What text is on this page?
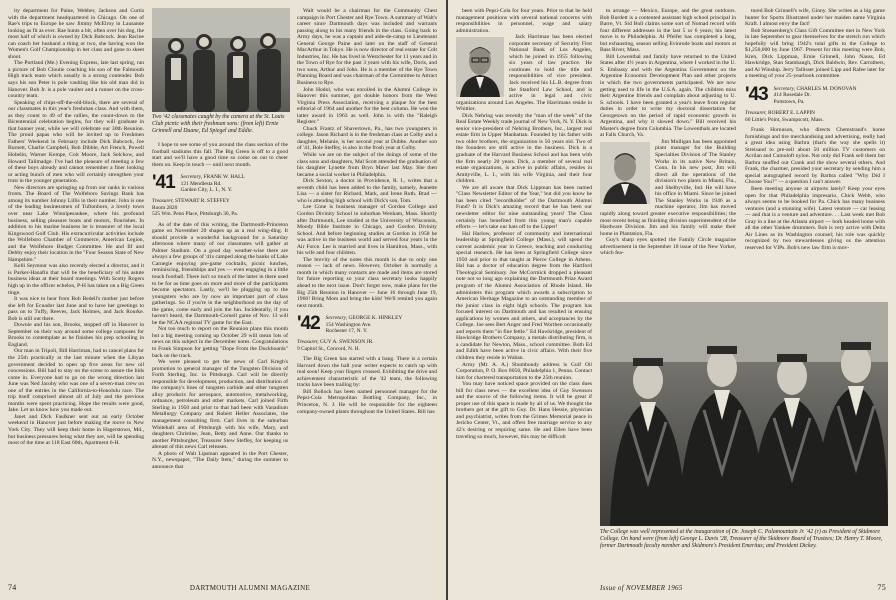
ity department for Paine, Webber, Jackson and Curtis with the department headquartered in Chicago. On one of Rae's trips to Europe he saw Jimmy McElroy in Lausanne looking as fit as ever. Rae hunts a bit, often over his dog, the most half of which is owned by Dick Babcock. Jean Racine can coach her husband a thing or two, she having won the Women's Golf Championship in her class and gone to skeet shoot.

The Portland (Me.) Evening Express, late last spring, ran a picture of Bob Cloutie coaching his son of the Falmouth High track team which usually is a strong contender. Bob says his son Peter is pole vaulting like his old man did in Hanover. Bob Jr. is a pole vaulter and a runner on the cross-country team.

Speaking of chips-off-the-old-block, there are several of our classmates in this year's freshman class. And with them, as they count to 49 of the rallies, the count-down to the Bicentennial celebration begins, for they will graduate in that banner year, while we will celebrate our 30th Reunion. The proud papas who will be invited up to Freshmen Fathers' Weekend in February include Dick Babcock, Joe Burnett, Charlie Campbell, Bob Dibble, Art French, Powell Hobelin, Warner Kempe, Coit Moore, Jack Selchow, and Howard Talimadge. I've had the pleasure of meeting a few of these boys already and cannot remember a finer looking or acting bunch of men who will certainly strengthen your trust in the younger generation.

New directors are springing up from our ranks in various fronts. The Board of The Wolfeboro Savings Bank has among its number Johnny Lillis in their number. John is one of the leading businessmen of Tuftonboro, a lovely town over near Lake Winnipesaukee, where his profound business, selling pleasure boats and motors, flourishes. In addition to his marine business he is treasurer of the local Kingswood Golf Club. His extracurricular activities include the Wolfeboro Chamber of Commerce, American Legion, and the Wolfeboro Budget Committee. He and Ilf and Debby enjoy their location in the "Four Season State of New Hampshire."

Kelli Seymour was also recently elected a director, and it is Parker-Hanafin that will be the beneficiary of his astute business ideas at their board meetings. With Scotty Rogers high up in the officer echelon, P-H has taken on a Big Green tinge.

It was nice to hear from Bob Bedell's mother just before she left for Ecuador last June and to have her greetings to pass on to Tuffy, Reeves, Jack Holmes, and Jack Rourke. Bob is still out there.

Downie and his son, Brooks, stopped off in Hanover in September on their way around some college campuses for Brooks to contemplate as he finishes his prep schooling in England.

Our man in Tripoli, Bill Harriman, had to cancel plans for the 25th practically at the last minute when the Libyan government decided to open up five areas for new oil concessions. Bill had to stay on the scene to assure the bids come in. Everyone had to go on the wrong direction last June was Ned Jacoby who was one of a seven-man crew on one of the entries in the California-to-Honolulu race. The trip itself comprised almost all of July and the previous months were spent practicing. Hope the results were good, Jake. Let us know how you made out.

Janet and Dick Faulkner sent out an early October weekend in Hanover just before making the move to New York City. They will keep their home in Hagerstown, Md., but business pressures being what they are, will be spending most of the time at 118 East 60th, Apartment 6-H.

Two '42 classmates caught by the camera at the St. Louis Club picnic with their freshman sons: (from left) Ernie Grinnell and Duane, Ed Spiegel and Eddie.

I hope to see some of you around the class section of the football stadiums this fall. The Big Green is off to a good start and we'll have a good time so come on out to cheer them on. Keep in touch — until next month.

'41 Secretary, FRANK W. HALL
121 Mendlesta Rd.
Garden City, L. I., N. Y.
Treasurer, STEWART R. STEFFEY
Room 2820
525 Wm. Penn Place, Pittsburgh 30, Pa.

As of the date of this writing, the Dartmouth-Princeton game on November 20 shapes up as a real wing-ding. It should provide a wonderful background for a Saturday afternoon where many of our classmates will gather at Palmer Stadium. On a good day weather-wise there are always a few groups of '41s camped along the banks of Lake Carnegie enjoying pre-game cocktails, picnic lunches, reminiscing, friendships and yes — even engaging in a little touch football. There isn't so much of the latter in there used to be for as time goes on more and more of the participants become spectators. Lastly, we'll be plugging up to the youngsters who are by now an important part of class gatherings. So if you're in the neighborhood on the day of the game, come early and join the fun. Incidentally, if you haven't heard, the Dartmouth-Cornell game of Nov. 13 will be the NCAA regional TV game for the East.

Not too much to report on the Reunion plans this month but a big meeting coming up October 29 will mean lots of news on this subject in the December notes. Congratulations to Frank Simpson for getting "Dope From the Duckboards" back on the track.

We were pleased to get the news of Carl Kregh's promotion to general manager of the Tungsten Division of Forth Sterling, Inc. in Pittsburgh. Carl will be directly responsible for development, production, and distribution of the company's lines of tungsten carbide and other tungsten alloy products for aerospace, automotive, metalworking, ordnance, petroleum and other markets. Carl joined Firth Sterling in 1950 and prior to that had been with Vanadium Metallurgy Company and Robert Heller Associates, the management consulting firm. Carl lives in the suburban Whitehall area of Pittsburgh with his wife, Mary, and daughters Christine, Jean, Betty and Anne. Our thanks to another Pittsburgher, Treasurer Stew Steffey, for keeping us abreast of this news Carl releases.

A photo of Walt Lipsman appeared in the Port Chester, N.Y., newspaper, "The Daily Item," during the summer to announce that

Walt would be a chairman for the Community Chest campaign in Port Chester and Rye Town. A summary of Walt's career since Dartmouth days was included and warrants passing along to his many friends in the class. Going back to Army days, he was a captain and aide-de-camp to Lieutenant General George Paine and later on the staff of General MacArthur in Tokyo. He is now director of real estate for Colt Industries, Inc. He has lived in Westchester for 11 years and in the Town of Rye for the past 3 years with his wife, Doris, and two sons, Arthur and John. He is a member of the Rye Town Planning Board and was chairman of the Committee to Attract Business to Rye.

John Hodol, who was enrolled in the Alumni College in Hanover this summer, got double honors from the West Virginia Press Association, receiving a plaque for the best editorial of 1964 and another for the best column. He won the latter award in 1963 as well. John is with the "Raleigh Register."

Chuck Frantz of Shavertown, Pa., has two youngsters in college. Jason Richard is in the freshman class at Colby and a daughter, Melanie, is her second year at Dubbe. Another son of '41, Bole Steffey, is also in the frosh year at Colby.

While we are on the subject of the doings of some of the class sons and daughters, Mal Scott attended the graduation of his daughter Lynette from Bryn Mawr last May. She then became a social worker in Philadelphia.

Dick Sexton, a doctor in Providence, R. I., writes that a seventh child has been added to the family, namely, Jeanette Lisa — a sister for Richard, Mark, and Irene Ruth. Brad — who is attending high school with Dick's son, Tom.

Lee Cone is business manager of Gordon College and Gordon Divinity School in suburban Wenham, Mass. Shortly after Dartmouth, Lee studied at the University of Wisconsin, Moody Bible Institute in Chicago, and Gordon Divinity School. And before beginning studies at Gordon in 1958 he was active in the business world and served four years in the Air Force. Lee is married and lives in Hamilton, Mass., with his wife and four children.

The brevity of the notes this month is due to only one reason — lack of news. However, October is normally a month in which many contacts are made and items are stored for future reporting so your class secretary looks happily ahead to the next issue. Don't forget now, make plans for the Big 25th Reunion in Hanover — June 16 through June 19, 1966! Bring Mom and bring the kids! We'll remind you again next month.

'42 Secretary, GEORGE K. HINKLEY
154 Washington Ave.
Rochester 17, N. Y.
Treasurer, GUY A. SWENSON JR.
9 Capitol St., Concord, N. H.

The Big Green has started with a bang. There is a certain Harvard down the hall your writer expects to catch up with real soon! Keep your fingers crossed. Exhibiting the drive and achievement characteristic of the '42 team, the following tracks have been trailing by:

Bill Bollock has been named personnel manager for the Pepsi-Cola Metropolitan Bottling Company, Inc., in Princeton, N. J. He will be responsible for the eighteen company-owned plants throughout the United States. Bill has

74	DARTMOUTH ALUMNI MAGAZINE

been with Pepsi-Cola for four years. Prior to that he held management positions with several national concerns with responsibilities in personnel, wage and salary administration.

Jack Harriman has been elected corporate secretary of Security First National Bank of Los Angeles, which he joined in 1955 following six years of law practice. He continues to hold the title and responsibilities of vice president. Jack received his LL.B. degree from the Stanford Law School, and is active in legal and civic organizations around Los Angeles. The Harrimans reside in Whittier.

Dick Nehring was recently the "man of the week" of the Real Estate Weekly trade journal of New York, N. Y. Dick is senior vice-president of Nehring Brothers, Inc., largest real estate firm in Upper Manhattan. Founded by his father with two older brothers, the organization is 50 years old. Two of the founders are still active in the business. Dick is a graduate of the Harvard Business School and has been with the firm nearly 20 years. Dick, a member of several real estate organizations, is active in public affairs, resides in Amityville, L. I., with his wife Virginia, and their four children.

We are all aware that Dick Lippman has been named "Class Newsletter Editor of the Year," but did you know he has been cited "recordholder" of the Dartmouth Alumni Fund? It is Dick's amazing record that he has been our newsletter editor for nine outstanding years! The Class certainly has benefited from this young man's capable efforts — let's take our hats off to the Lipper!

Hal Harlow, professor of community and international leadership at Springfield College (Mass.), will spend the current academic year in Greece, teaching and conducting special research. He has been at Springfield College since 1950 and prior to that taught at Pierce College in Athens. Hal has a doctor of education degree from the Hartford Theological Seminary. Joe McCormick dropped a pleasant note not so long ago explaining the Dartmouth Prize Award program of the Alumni Association of Rhode Island. He administers this program which awards a subscription to American Heritage Magazine to an outstanding member of the junior class in eight high schools. The program has focused interest on Dartmouth and has resulted in ensuing applications by women and others, and acceptances by the College. Joe sees Bert Anger and Fred Worthen occasionally and reports them "in fine fettle." Ed Hawkridge, president of Hawkridge Brothers Company, a metals distributing firm, is a candidate for Newton, Mass., school committee. Both Ed and Edith have been active in civic affairs. With their five children they reside in Waban.

Army (Mr. A. A.) Shumboudy address is Gulf Oil Corporation, P. O. Box 8056, Philadelphia 1, Penna. Contact him for chartered transportation to the 25th reunion.

You may have noticed space provided on the class dues bill for class news — the excellent idea of Guy Swenson and the source of the following items. It will be great if proper use of this space is made by all of us. We thought the brothers get at the gift to Guy. Dr. Hans Hessie, physician and psychiatrist, writes from the Grimes Memorial peace in Jericho Center, Vt., and offers free marriage service to any 42's desiring or requiring same. He and Ellen have been traveling so much, however, this may be difficult

to arrange — Mexico, Europe, and the great outdoors. Bob Burdett is a contented assistant high school principal in Barre, Vt. Sid Bull claims some sort of Nomad record with four different addresses in the last 5 or 6 years; his latest move is to Philadelphia. Al Pfeifer has completed a long, but exhausting, season selling Evinrude boats and motors at Bass River, Mass.

Bill Lowenthal and family have returned to the United States after 4½ years in Argentina, where I worked in the U. S. Embassy and with the Argentina Government on the Argentine Economic Development Plan and other projects in which the two governments participated. We are now getting used to life in the U.S.A. again. The children miss their Argentine friends and complain about adjusting to U. S. schools. I have been granted a year's leave from regular duties in order to write my doctoral dissertation for Georgetown on the period of rapid economic growth in Argentina, and why it slowed down." Bill received his Master's degree from Columbia. The Lowenthals are located at Falls Church, Va.

Jim Mulligan has been appointed plant manager for the Building Specialties Division of The Stanley Works in its native New Britain, Conn. In his new post, Jim will direct all the operations of the division's two plants in Miami, Fla., and Shelbyville, Ind. He will have his office in Miami. Since he joined The Stanley Works in 1946 as a machine operator, Jim has moved rapidly along toward greater executive responsibilities; the most recent being as finishing division superintendent of the Hardware Division. Jim and his family will make their home in Plantation, Fla.

Guy's sharp eyes spotted the Family Circle magazine advertisement in the September 18 issue of the New Yorker, which fea-

tured Bob Grinnell's wife, Ginny. She writes as a big game hunter for Sports Illustrated under her maiden name Virginia Kraft. I almost envy the fact!

Bob Stoeaenberg's Class Gift Committee met in New York in late September to gear themselves for the stretch run which hopefully will bring 1942's total gifts to the College to $1,250,000 by June 1967. Present for this meeting were Bob, Kren, Dick Lippman, Ernie Grinnell, John Nauss, Ed Hawkridge, Stan Stambaugh, Dick Baldwin, Rev. Carruthers, and Al Winship. Jerry Tallisser joined Lipp and Rafee later for a meeting of your 25-yearbook committee.

'43 Secretary, CHARLES M. DONOVAN
414 Rosedale Dr.
Pottstown, Pa.
Treasurer, ROBERT E. LAPPIN
60 Little's Point, Swampscott, Mass.

Frank Hornuson, who directs Chemstrand's home furnishings and tire merchandising and advertising, really had a great idea using Barbra (that's the way she spells it) Streisand to pre-sell about 50 million TV customers on Acrilan and Cumuloft nylon. Not only did Frank sell them but Barbra snuffed out Crank and the show several others. And Frank, the charmer, presided your secretary by sending him a special autographed record by Barbra called "Why Did I Choose You?" — a question I can't answer.

Been meeting anyone at airports lately? Keep your eyes open for that Philadelphia impresario, Chick Webb, who always seems to be booked for Pa. Chick has many business ventures (and a stunning wife). Latest venture — car leasing — and that is a venture and adventure. . . Last week met Bob Gray in a line at the Atlanta airport — both headed home with all the other Yankee drummers. Bob is very active with Delta Air Lines as its Washington counsel; his role was quickly recognized by two stewardesses giving us the attention reserved for VIPs. Bob's new law firm is mov-

The College was well represented at the inauguration of Dr. Joseph C. Palamountain Jr. '42 (r) as President of Skidmore College. On hand were (from left) George L. Davis '28, Treasurer of the Skidmore Board of Trustees; Dr. Henry T. Moore, former Dartmouth faculty member and Skidmore's President Emeritus; and President Dickey.
Issue of NOVEMBER 1965	75
